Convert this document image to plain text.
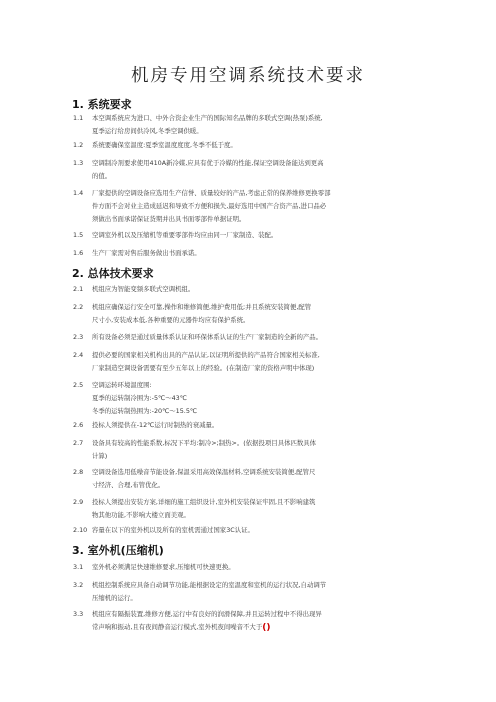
机房专用空调系统技术要求
1. 系统要求
1.1 本空调系统应为进口、中外合资企业生产的国际知名品牌的多联式空调(热泵)系统,
夏季运行给房间供冷风,冬季空调供暖。
1.2 系统要确保室温度:夏季室温度度度,冬季不低于度。
1.3 空调制冷剂要求使用410A新冷媒,应具有优于冷媒的性能,保证空调设备能达到更高
的值。
1.4 厂家提供的空调设备应选用生产信誉、质量较好的产品,考虑正常的保养维修更换零部
件方面不会对业主造成延迟和导致不方便和损失,最好选用中国产合资产品,进口品必
须做出书面承诺保证货期并出具书面零部件单据证明。
1.5 空调室外机以及压缩机等重要零部件均应由同一厂家制造、装配。
1.6 生产厂家需对售后服务做出书面承诺。
2. 总体技术要求
2.1 机组应为智能变频多联式空调机组。
2.2 机组应确保运行安全可靠,操作和维修简便,维护费用低;并且系统安装简便,配管
尺寸小,安装成本低,各种重要的元器件均应有保护系统。
2.3 所有设备必须是通过质量体系认证和环保体系认证的生产厂家制造的全新的产品。
2.4 提供必要的国家相关机构出具的产品认证,以证明所提供的产品符合国家相关标准,
厂家制造空调设备需要有至少五年以上的经验。(在制造厂家的资格声明中体现)
2.5 空调运转环境温度围:
夏季的运转制冷围为:-5℃～43℃
冬季的运转制热围为:-20℃～15.5℃
2.6 投标人须提供在-12℃运行时制热的衰减量。
2.7 设备具有较高的性能系数,标况下平均:制冷>;制热>。(依据投项目具体匹数具体
计算)
2.8 空调设备选用低噪音节能设备,保温采用高效保温材料,空调系统安装简便,配管尺
寸经济、合理,布管优化。
2.9 投标人须提出安装方案,详细的施工组织设计,室外机安装保证牢固,且不影响建筑
物其他功能,不影响大楼立面美观。
2.10 容量在以下的室外机以及所有的室机需通过国家3C认证。
3. 室外机(压缩机)
3.1 室外机必须满足快速维修要求,压缩机可快速更换。
3.2 机组控制系统应具备自动调节功能,能根据设定的室温度和室机的运行状况,自动调节
压缩机的运行。
3.3 机组应有隔振装置,维修方便,运行中有良好的润滑保障,并且运转过程中不得出现异
常声响和振动,且有夜间静音运行模式,室外机夜间噪音不大于()
